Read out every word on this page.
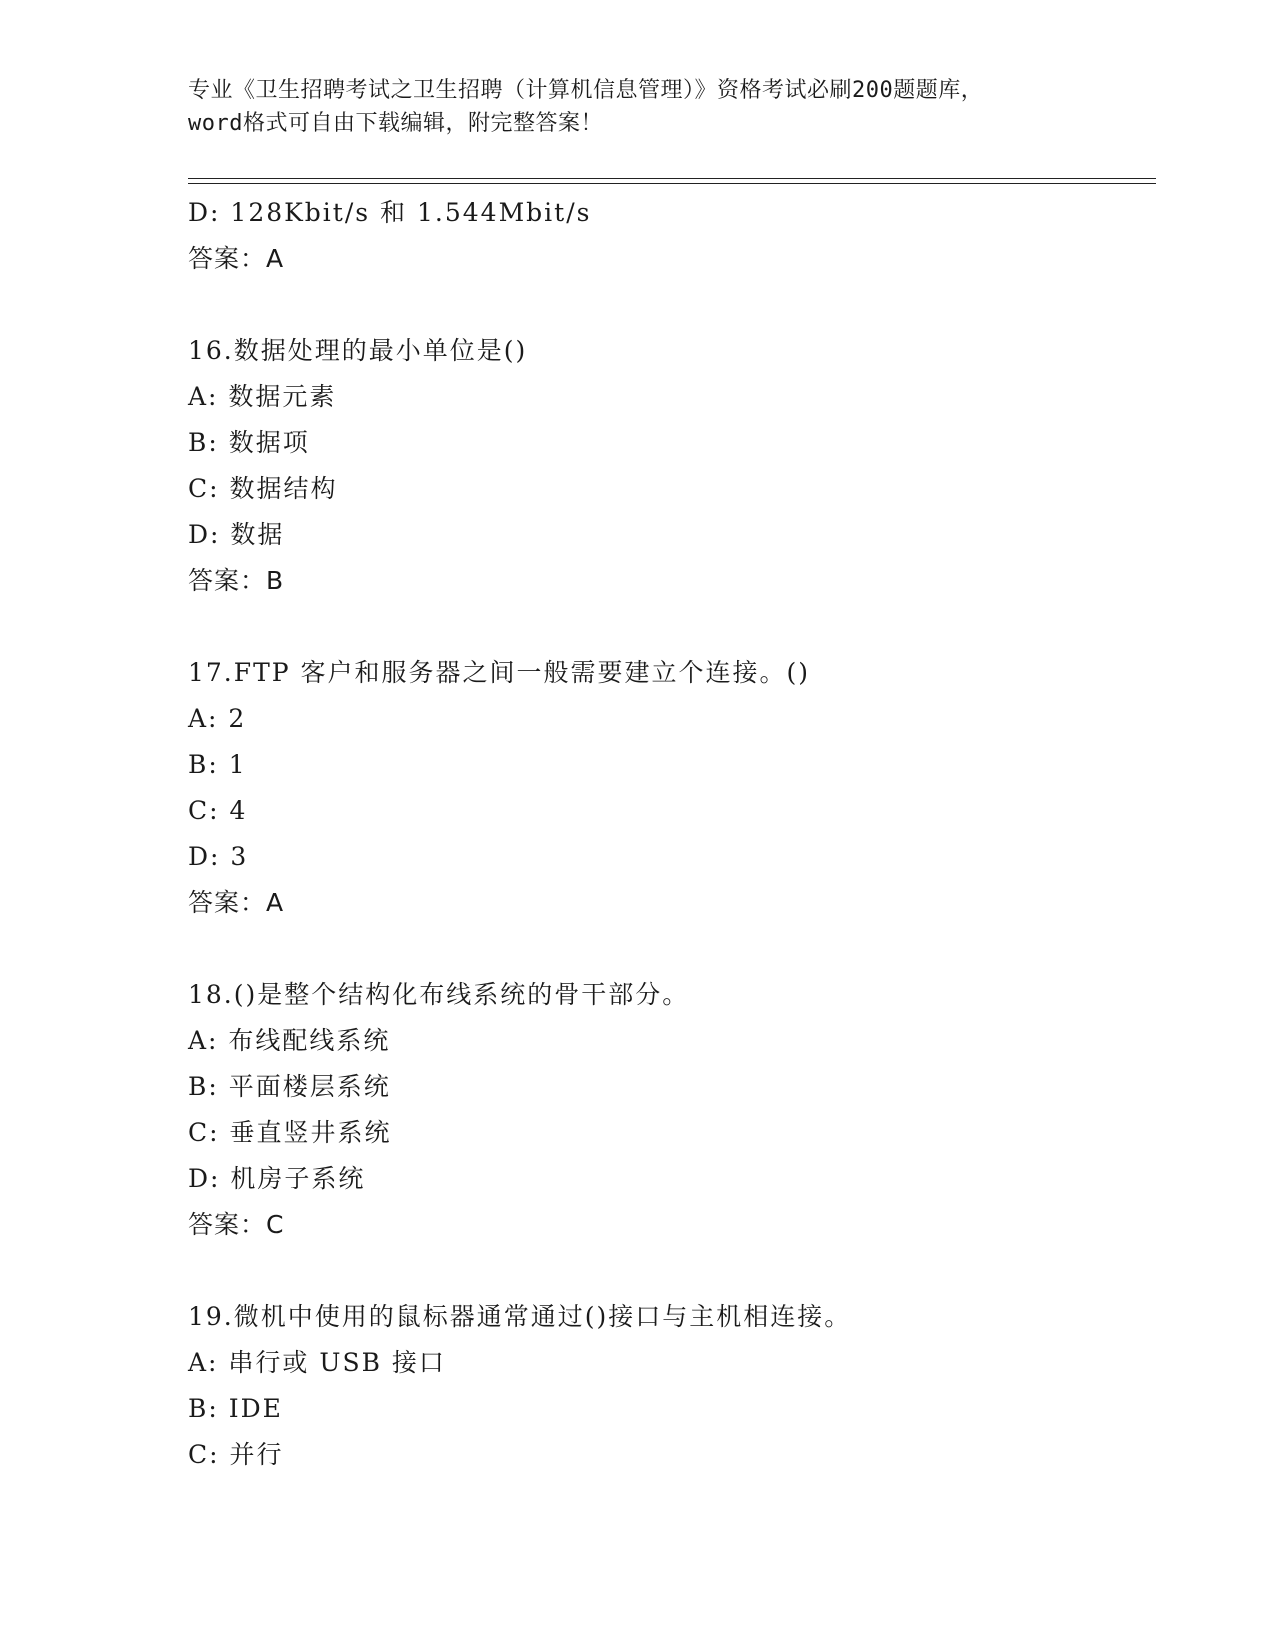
专业《卫生招聘考试之卫生招聘（计算机信息管理）》资格考试必刷200题题库，
word格式可自由下载编辑，附完整答案！
D: 128Kbit/s 和 1.544Mbit/s
答案：A
16.数据处理的最小单位是()
A: 数据元素
B: 数据项
C: 数据结构
D: 数据
答案：B
17.FTP 客户和服务器之间一般需要建立个连接。()
A: 2
B: 1
C: 4
D: 3
答案：A
18.()是整个结构化布线系统的骨干部分。
A: 布线配线系统
B: 平面楼层系统
C: 垂直竖井系统
D: 机房子系统
答案：C
19.微机中使用的鼠标器通常通过()接口与主机相连接。
A: 串行或 USB 接口
B: IDE
C: 并行
